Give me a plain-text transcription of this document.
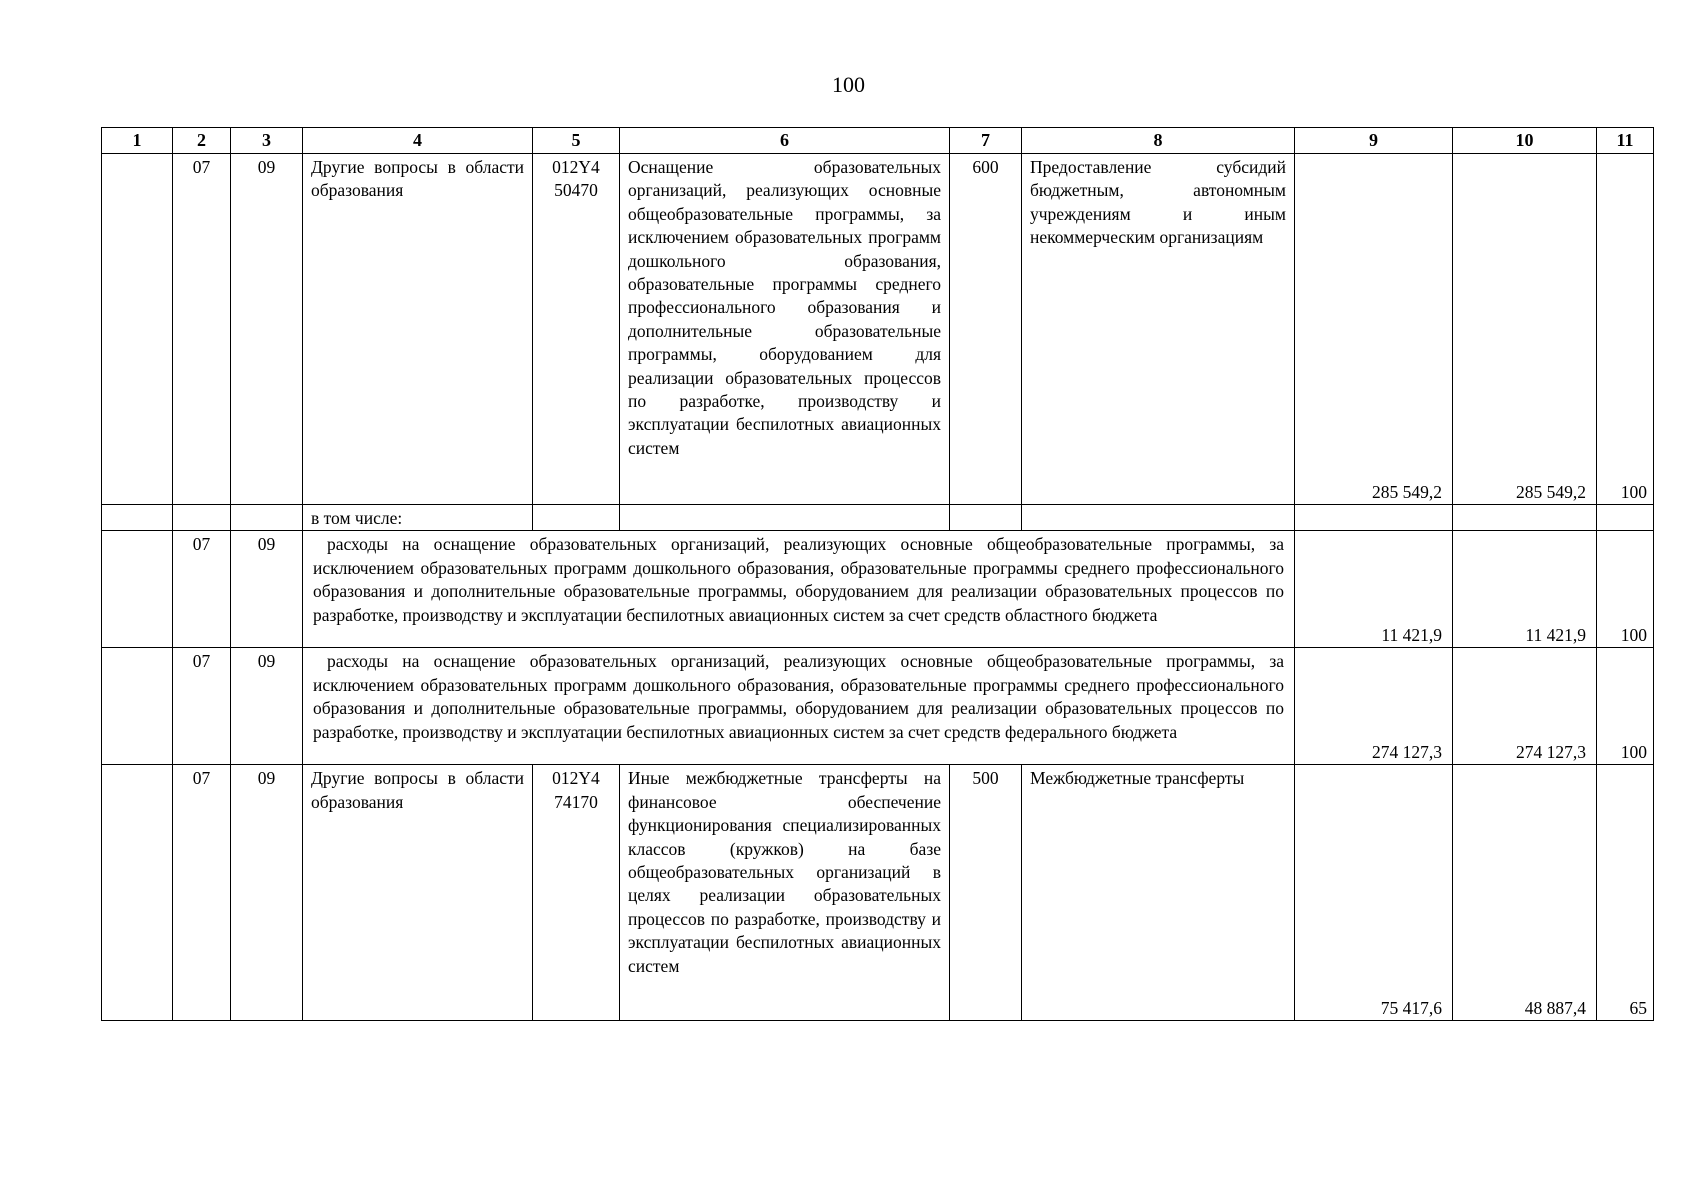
100
1	2	3	4	5	6	7	8	9	10	11
	07	09	Другие вопросы в области образования	012Y4 50470	Оснащение образовательных организаций, реализующих основные общеобразовательные программы, за исключением образовательных программ дошкольного образования, образовательные программы среднего профессионального образования и дополнительные образовательные программы, оборудованием для реализации образовательных процессов по разработке, производству и эксплуатации беспилотных авиационных систем	600	Предоставление субсидий бюджетным, автономным учреждениям и иным некоммерческим организациям	285 549,2	285 549,2	100
			в том числе:							
	07	09	расходы на оснащение образовательных организаций, реализующих основные общеобразовательные программы, за исключением образовательных программ дошкольного образования, образовательные программы среднего профессионального образования и дополнительные образовательные программы, оборудованием для реализации образовательных процессов по разработке, производству и эксплуатации беспилотных авиационных систем за счет средств областного бюджета					11 421,9	11 421,9	100
	07	09	расходы на оснащение образовательных организаций, реализующих основные общеобразовательные программы, за исключением образовательных программ дошкольного образования, образовательные программы среднего профессионального образования и дополнительные образовательные программы, оборудованием для реализации образовательных процессов по разработке, производству и эксплуатации беспилотных авиационных систем за счет средств федерального бюджета					274 127,3	274 127,3	100
	07	09	Другие вопросы в области образования	012Y4 74170	Иные межбюджетные трансферты на финансовое обеспечение функционирования специализированных классов (кружков) на базе общеобразовательных организаций в целях реализации образовательных процессов по разработке, производству и эксплуатации беспилотных авиационных систем	500	Межбюджетные трансферты	75 417,6	48 887,4	65
